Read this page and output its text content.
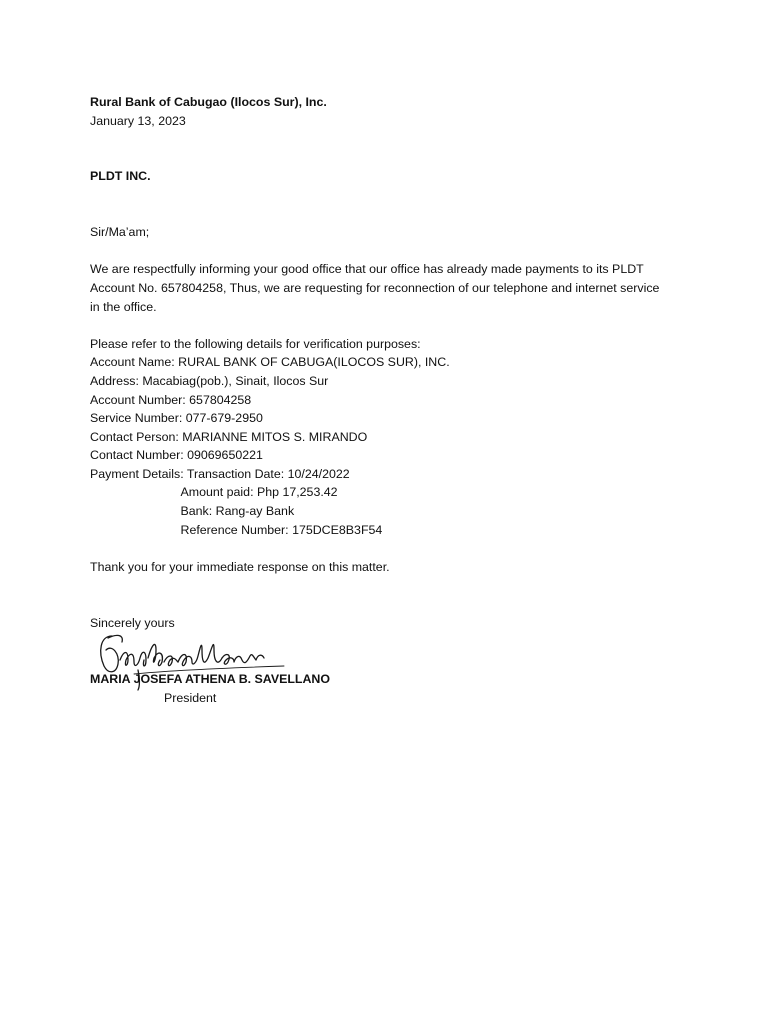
Rural Bank of Cabugao (Ilocos Sur), Inc.
January 13, 2023
PLDT INC.
Sir/Ma’am;
We are respectfully informing your good office that our office has already made payments to its PLDT
Account No. 657804258, Thus, we are requesting for reconnection of our telephone and internet service
in the office.
Please refer to the following details for verification purposes:
Account Name: RURAL BANK OF CABUGA(ILOCOS SUR), INC.
Address: Macabiag(pob.), Sinait, Ilocos Sur
Account Number: 657804258
Service Number: 077-679-2950
Contact Person: MARIANNE MITOS S. MIRANDO
Contact Number: 09069650221
Payment Details: Transaction Date: 10/24/2022
Amount paid: Php 17,253.42
Bank: Rang-ay Bank
Reference Number: 175DCE8B3F54
Thank you for your immediate response on this matter.
Sincerely yours
MARIA JOSEFA ATHENA B. SAVELLANO
President
